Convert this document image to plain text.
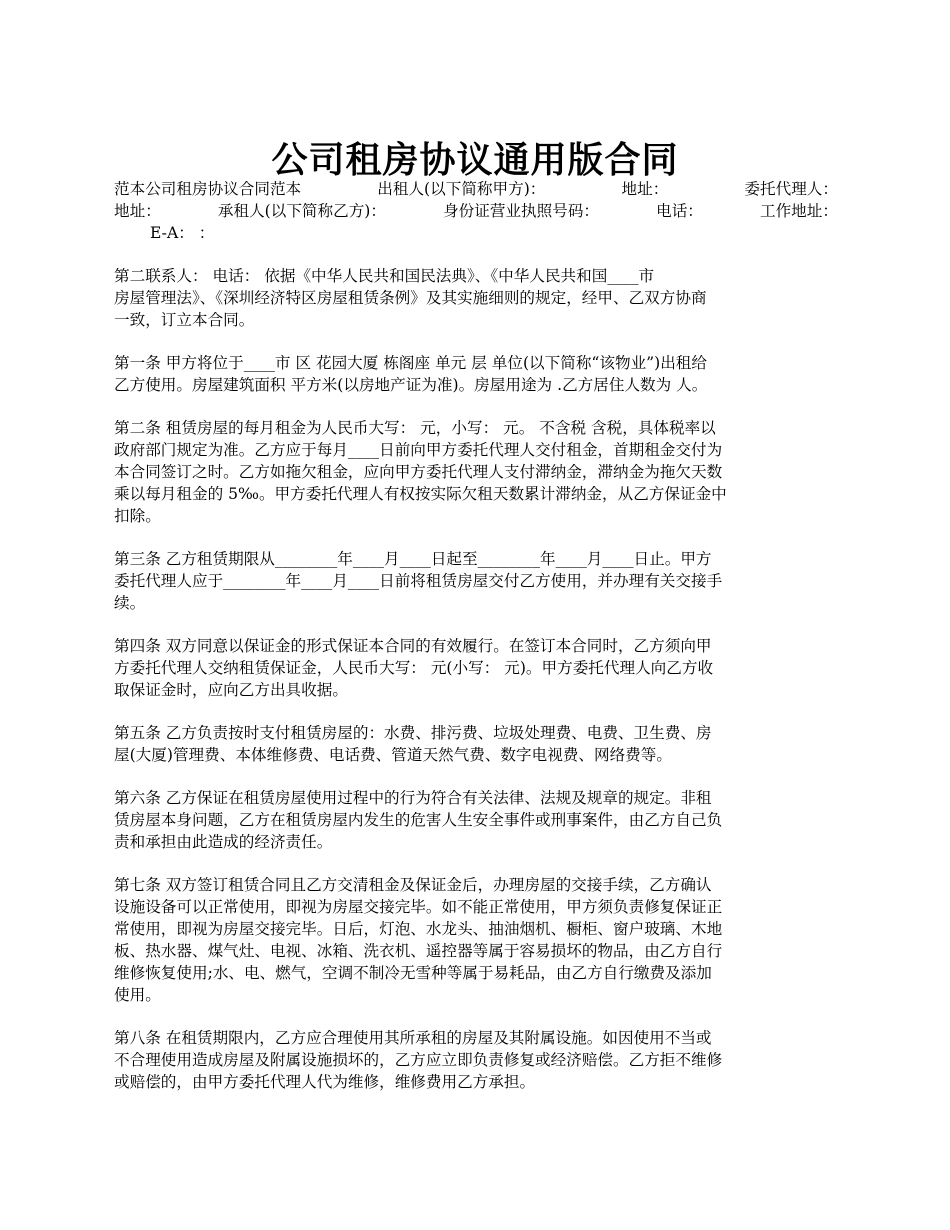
公司租房协议通用版合同
范本公司租房协议合同范本	出租人(以下简称甲方)：	地址：	委托代理人：
地址：	承租人(以下简称乙方)：	身份证营业执照号码：	电话：	工作地址：
E-A： ：
第二联系人： 电话： 依据《中华人民共和国民法典》、《中华人民共和国____市
房屋管理法》、《深圳经济特区房屋租赁条例》及其实施细则的规定，经甲、乙双方协商
一致，订立本合同。
第一条 甲方将位于____市 区 花园大厦 栋阁座 单元 层 单位(以下简称“该物业”)出租给
乙方使用。房屋建筑面积 平方米(以房地产证为准)。房屋用途为 .乙方居住人数为 人。
第二条 租赁房屋的每月租金为人民币大写： 元，小写： 元。 不含税 含税，具体税率以
政府部门规定为准。乙方应于每月____日前向甲方委托代理人交付租金，首期租金交付为
本合同签订之时。乙方如拖欠租金，应向甲方委托代理人支付滞纳金，滞纳金为拖欠天数
乘以每月租金的 5‰。甲方委托代理人有权按实际欠租天数累计滞纳金，从乙方保证金中
扣除。
第三条 乙方租赁期限从________年____月____日起至________年____月____日止。甲方
委托代理人应于________年____月____日前将租赁房屋交付乙方使用，并办理有关交接手
续。
第四条 双方同意以保证金的形式保证本合同的有效履行。在签订本合同时，乙方须向甲
方委托代理人交纳租赁保证金，人民币大写： 元(小写： 元)。甲方委托代理人向乙方收
取保证金时，应向乙方出具收据。
第五条 乙方负责按时支付租赁房屋的：水费、排污费、垃圾处理费、电费、卫生费、房
屋(大厦)管理费、本体维修费、电话费、管道天然气费、数字电视费、网络费等。
第六条 乙方保证在租赁房屋使用过程中的行为符合有关法律、法规及规章的规定。非租
赁房屋本身问题，乙方在租赁房屋内发生的危害人生安全事件或刑事案件，由乙方自己负
责和承担由此造成的经济责任。
第七条 双方签订租赁合同且乙方交清租金及保证金后，办理房屋的交接手续，乙方确认
设施设备可以正常使用，即视为房屋交接完毕。如不能正常使用，甲方须负责修复保证正
常使用，即视为房屋交接完毕。日后，灯泡、水龙头、抽油烟机、橱柜、窗户玻璃、木地
板、热水器、煤气灶、电视、冰箱、洗衣机、遥控器等属于容易损坏的物品，由乙方自行
维修恢复使用;水、电、燃气，空调不制冷无雪种等属于易耗品，由乙方自行缴费及添加
使用。
第八条 在租赁期限内，乙方应合理使用其所承租的房屋及其附属设施。如因使用不当或
不合理使用造成房屋及附属设施损坏的，乙方应立即负责修复或经济赔偿。乙方拒不维修
或赔偿的，由甲方委托代理人代为维修，维修费用乙方承担。
